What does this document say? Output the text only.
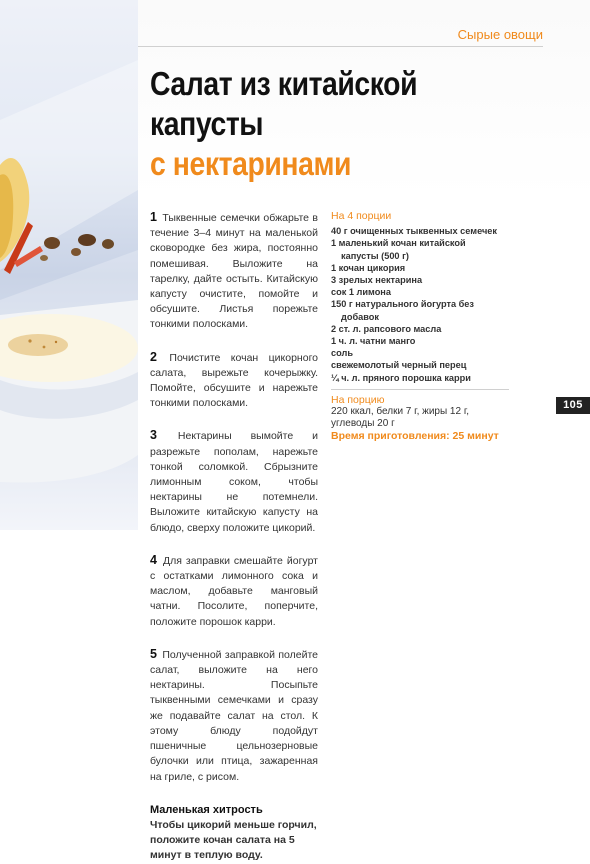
Сырые овощи
Салат из китайской
капусты
с нектаринами

1 Тыквенные семечки обжарьте в течение 3–4 минут на маленькой сковородке без жира, постоянно помешивая. Выложите на тарелку, дайте остыть. Китайскую капусту очистите, помойте и обсушите. Листья порежьте тонкими полосками.

2 Почистите кочан цикорного салата, вырежьте кочерыжку. Помойте, обсушите и нарежьте тонкими полосками.

3 Нектарины вымойте и разрежьте пополам, нарежьте тонкой соломкой. Сбрызните лимонным соком, чтобы нектарины не потемнели. Выложите китайскую капусту на блюдо, сверху положите цикорий.

4 Для заправки смешайте йогурт с остатками лимонного сока и маслом, добавьте манговый чатни. Посолите, поперчите, положите порошок карри.

5 Полученной заправкой полейте салат, выложите на него нектарины. Посыпьте тыквенными семечками и сразу же подавайте салат на стол. К этому блюду подойдут пшеничные цельнозерновые булочки или птица, зажаренная на гриле, с рисом.

Маленькая хитрость
Чтобы цикорий меньше горчил, положите кочан салата на 5 минут в теплую воду.
На 4 порции
40 г очищенных тыквенных семечек
1 маленький кочан китайской
капусты (500 г)
1 кочан цикория
3 зрелых нектарина
сок 1 лимона
150 г натурального йогурта без
добавок
2 ст. л. рапсового масла
1 ч. л. чатни манго
соль
свежемолотый черный перец
¼ ч. л. пряного порошка карри
На порцию
220 ккал, белки 7 г, жиры 12 г,
углеводы 20 г
Время приготовления: 25 минут
105
